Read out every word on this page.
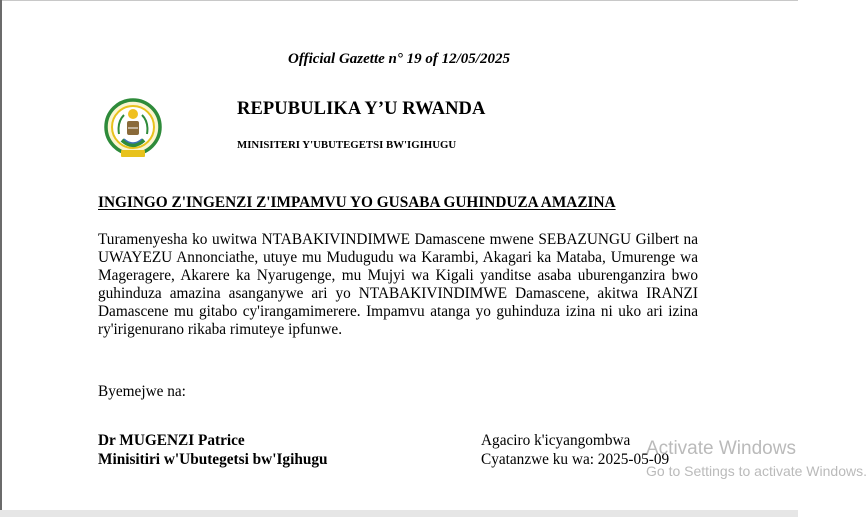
Official Gazette n° 19 of 12/05/2025
REPUBULIKA Y’U RWANDA
MINISITERI Y'UBUTEGETSI BW'IGIHUGU
INGINGO Z'INGENZI Z'IMPAMVU YO GUSABA GUHINDUZA AMAZINA
Turamenyesha ko uwitwa NTABAKIVINDIMWE Damascene mwene SEBAZUNGU Gilbert na UWAYEZU Annonciathe, utuye mu Mudugudu wa Karambi, Akagari ka Mataba, Umurenge wa Mageragere, Akarere ka Nyarugenge, mu Mujyi wa Kigali yanditse asaba uburenganzira bwo guhinduza amazina asanganywe ari yo NTABAKIVINDIMWE Damascene, akitwa IRANZI Damascene mu gitabo cy'irangamimerere. Impamvu atanga yo guhinduza izina ni uko ari izina ry'irigenurano rikaba rimuteye ipfunwe.
Byemejwe na:
Dr MUGENZI Patrice
Minisitiri w'Ubutegetsi bw'Igihugu
Agaciro k'icyangombwa
Cyatanzwe ku wa: 2025-05-09
Activate Windows
Go to Settings to activate Windows.
